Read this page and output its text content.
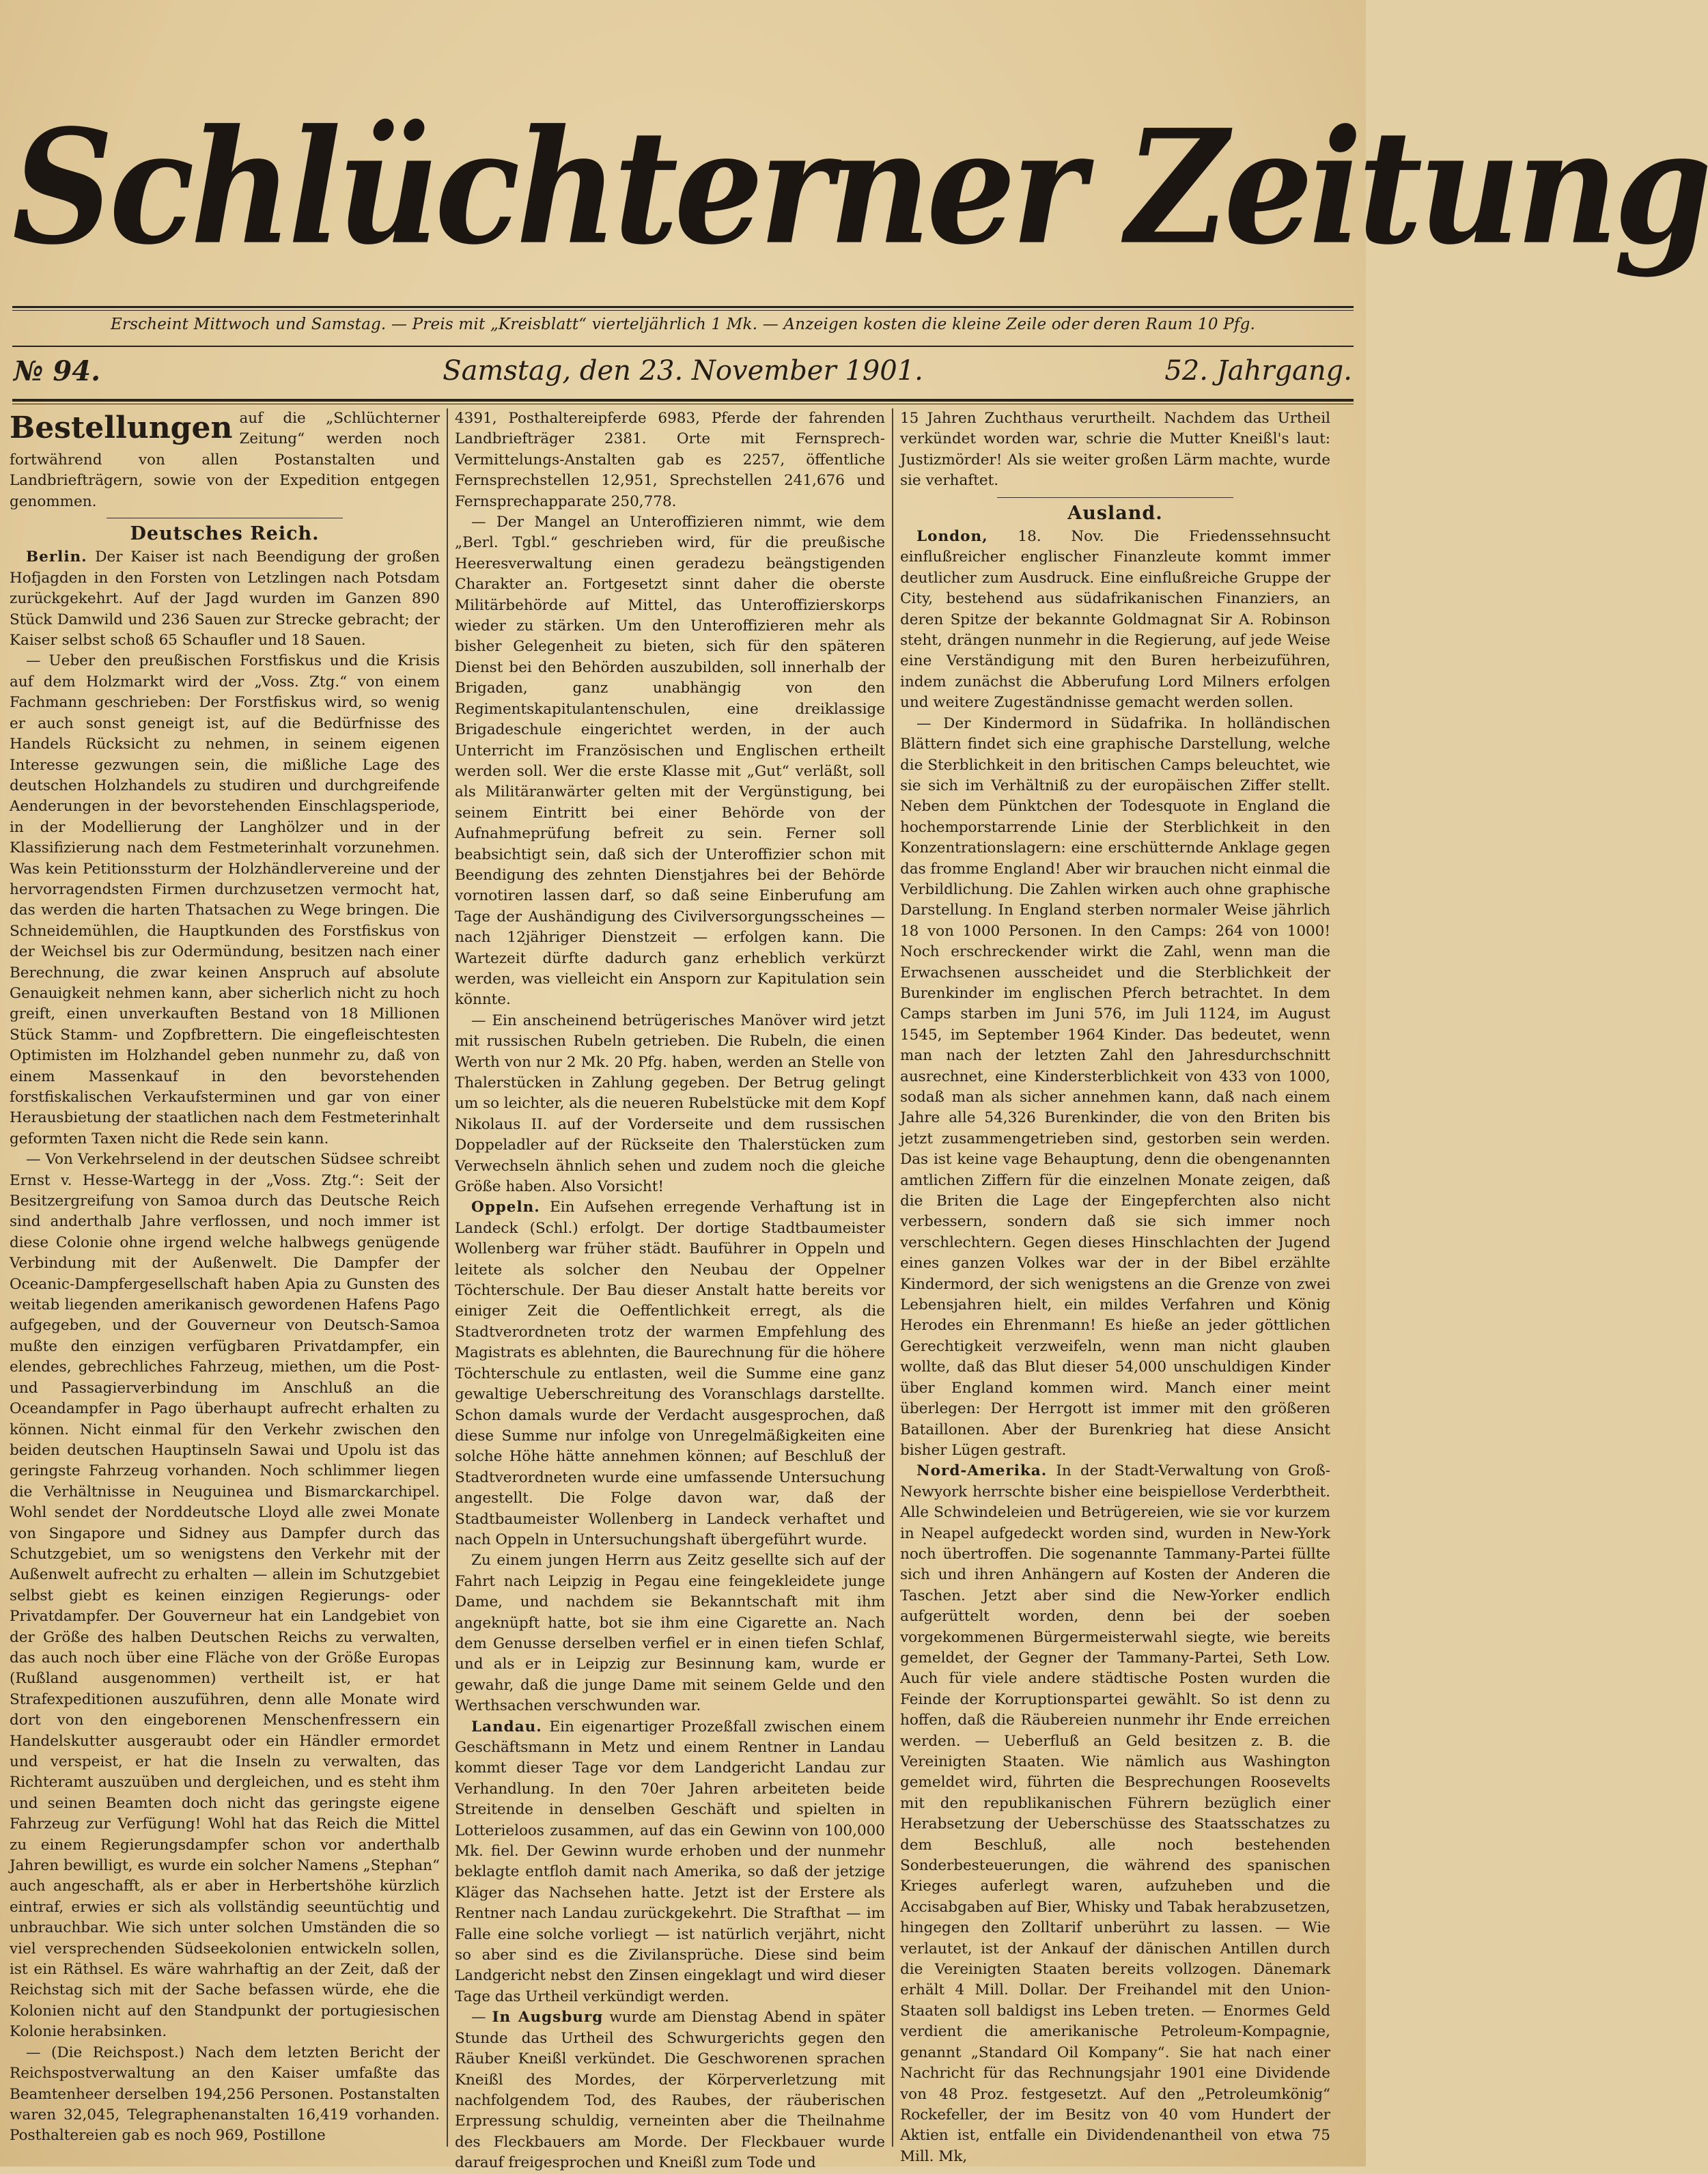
Schlüchterner Zeitung
Erscheint Mittwoch und Samstag. — Preis mit „Kreisblatt“ vierteljährlich 1 Mk. — Anzeigen kosten die kleine Zeile oder deren Raum 10 Pfg.
№ 94.	Samstag, den 23. November 1901.	52. Jahrgang.
Bestellungen auf die „Schlüchterner Zeitung“ werden noch fortwährend von allen Postanstalten und Landbriefträgern, sowie von der Expedition entgegen genommen.

Deutsches Reich.

Berlin. Der Kaiser ist nach Beendigung der großen Hofjagden in den Forsten von Letzlingen nach Potsdam zurückgekehrt. Auf der Jagd wurden im Ganzen 890 Stück Damwild und 236 Sauen zur Strecke gebracht; der Kaiser selbst schoß 65 Schaufler und 18 Sauen.

— Ueber den preußischen Forstfiskus und die Krisis auf dem Holzmarkt wird der „Voss. Ztg.“ von einem Fachmann geschrieben: Der Forstfiskus wird, so wenig er auch sonst geneigt ist, auf die Bedürfnisse des Handels Rücksicht zu nehmen, in seinem eigenen Interesse gezwungen sein, die mißliche Lage des deutschen Holzhandels zu studiren und durchgreifende Aenderungen in der bevorstehenden Einschlagsperiode, in der Modellierung der Langhölzer und in der Klassifizierung nach dem Festmeterinhalt vorzunehmen. Was kein Petitionssturm der Holzhändlervereine und der hervorragendsten Firmen durchzusetzen vermocht hat, das werden die harten Thatsachen zu Wege bringen. Die Schneidemühlen, die Hauptkunden des Forstfiskus von der Weichsel bis zur Odermündung, besitzen nach einer Berechnung, die zwar keinen Anspruch auf absolute Genauigkeit nehmen kann, aber sicherlich nicht zu hoch greift, einen unverkauften Bestand von 18 Millionen Stück Stamm- und Zopfbrettern. Die eingefleischtesten Optimisten im Holzhandel geben nunmehr zu, daß von einem Massenkauf in den bevorstehenden forstfiskalischen Verkaufsterminen und gar von einer Herausbietung der staatlichen nach dem Festmeterinhalt geformten Taxen nicht die Rede sein kann.

— Von Verkehrselend in der deutschen Südsee schreibt Ernst v. Hesse-Wartegg in der „Voss. Ztg.“: Seit der Besitzergreifung von Samoa durch das Deutsche Reich sind anderthalb Jahre verflossen, und noch immer ist diese Colonie ohne irgend welche halbwegs genügende Verbindung mit der Außenwelt. Die Dampfer der Oceanic-Dampfergesellschaft haben Apia zu Gunsten des weitab liegenden amerikanisch gewordenen Hafens Pago aufgegeben, und der Gouverneur von Deutsch-Samoa mußte den einzigen verfügbaren Privatdampfer, ein elendes, gebrechliches Fahrzeug, miethen, um die Post- und Passagierverbindung im Anschluß an die Oceandampfer in Pago überhaupt aufrecht erhalten zu können. Nicht einmal für den Verkehr zwischen den beiden deutschen Hauptinseln Sawai und Upolu ist das geringste Fahrzeug vorhanden. Noch schlimmer liegen die Verhältnisse in Neuguinea und Bismarckarchipel. Wohl sendet der Norddeutsche Lloyd alle zwei Monate von Singapore und Sidney aus Dampfer durch das Schutzgebiet, um so wenigstens den Verkehr mit der Außenwelt aufrecht zu erhalten — allein im Schutzgebiet selbst giebt es keinen einzigen Regierungs- oder Privatdampfer. Der Gouverneur hat ein Landgebiet von der Größe des halben Deutschen Reichs zu verwalten, das auch noch über eine Fläche von der Größe Europas (Rußland ausgenommen) vertheilt ist, er hat Strafexpeditionen auszuführen, denn alle Monate wird dort von den eingeborenen Menschenfressern ein Handelskutter ausgeraubt oder ein Händler ermordet und verspeist, er hat die Inseln zu verwalten, das Richteramt auszuüben und dergleichen, und es steht ihm und seinen Beamten doch nicht das geringste eigene Fahrzeug zur Verfügung! Wohl hat das Reich die Mittel zu einem Regierungsdampfer schon vor anderthalb Jahren bewilligt, es wurde ein solcher Namens „Stephan“ auch angeschafft, als er aber in Herbertshöhe kürzlich eintraf, erwies er sich als vollständig seeuntüchtig und unbrauchbar. Wie sich unter solchen Umständen die so viel versprechenden Südseekolonien entwickeln sollen, ist ein Räthsel. Es wäre wahrhaftig an der Zeit, daß der Reichstag sich mit der Sache befassen würde, ehe die Kolonien nicht auf den Standpunkt der portugiesischen Kolonie herabsinken.

— (Die Reichspost.) Nach dem letzten Bericht der Reichspostverwaltung an den Kaiser umfaßte das Beamtenheer derselben 194,256 Personen. Postanstalten waren 32,045, Telegraphenanstalten 16,419 vorhanden. Posthaltereien gab es noch 969, Postillone

4391, Posthaltereipferde 6983, Pferde der fahrenden Landbriefträger 2381. Orte mit Fernsprech-Vermittelungs-Anstalten gab es 2257, öffentliche Fernsprechstellen 12,951, Sprechstellen 241,676 und Fernsprechapparate 250,778.

— Der Mangel an Unteroffizieren nimmt, wie dem „Berl. Tgbl.“ geschrieben wird, für die preußische Heeresverwaltung einen geradezu beängstigenden Charakter an. Fortgesetzt sinnt daher die oberste Militärbehörde auf Mittel, das Unteroffizierskorps wieder zu stärken. Um den Unteroffizieren mehr als bisher Gelegenheit zu bieten, sich für den späteren Dienst bei den Behörden auszubilden, soll innerhalb der Brigaden, ganz unabhängig von den Regimentskapitulantenschulen, eine dreiklassige Brigadeschule eingerichtet werden, in der auch Unterricht im Französischen und Englischen ertheilt werden soll. Wer die erste Klasse mit „Gut“ verläßt, soll als Militäranwärter gelten mit der Vergünstigung, bei seinem Eintritt bei einer Behörde von der Aufnahmeprüfung befreit zu sein. Ferner soll beabsichtigt sein, daß sich der Unteroffizier schon mit Beendigung des zehnten Dienstjahres bei der Behörde vornotiren lassen darf, so daß seine Einberufung am Tage der Aushändigung des Civilversorgungsscheines — nach 12jähriger Dienstzeit — erfolgen kann. Die Wartezeit dürfte dadurch ganz erheblich verkürzt werden, was vielleicht ein Ansporn zur Kapitulation sein könnte.

— Ein anscheinend betrügerisches Manöver wird jetzt mit russischen Rubeln getrieben. Die Rubeln, die einen Werth von nur 2 Mk. 20 Pfg. haben, werden an Stelle von Thalerstücken in Zahlung gegeben. Der Betrug gelingt um so leichter, als die neueren Rubelstücke mit dem Kopf Nikolaus II. auf der Vorderseite und dem russischen Doppeladler auf der Rückseite den Thalerstücken zum Verwechseln ähnlich sehen und zudem noch die gleiche Größe haben. Also Vorsicht!

Oppeln. Ein Aufsehen erregende Verhaftung ist in Landeck (Schl.) erfolgt. Der dortige Stadtbaumeister Wollenberg war früher städt. Bauführer in Oppeln und leitete als solcher den Neubau der Oppelner Töchterschule. Der Bau dieser Anstalt hatte bereits vor einiger Zeit die Oeffentlichkeit erregt, als die Stadtverordneten trotz der warmen Empfehlung des Magistrats es ablehnten, die Baurechnung für die höhere Töchterschule zu entlasten, weil die Summe eine ganz gewaltige Ueberschreitung des Voranschlags darstellte. Schon damals wurde der Verdacht ausgesprochen, daß diese Summe nur infolge von Unregelmäßigkeiten eine solche Höhe hätte annehmen können; auf Beschluß der Stadtverordneten wurde eine umfassende Untersuchung angestellt. Die Folge davon war, daß der Stadtbaumeister Wollenberg in Landeck verhaftet und nach Oppeln in Untersuchungshaft übergeführt wurde.

Zu einem jungen Herrn aus Zeitz gesellte sich auf der Fahrt nach Leipzig in Pegau eine feingekleidete junge Dame, und nachdem sie Bekanntschaft mit ihm angeknüpft hatte, bot sie ihm eine Cigarette an. Nach dem Genusse derselben verfiel er in einen tiefen Schlaf, und als er in Leipzig zur Besinnung kam, wurde er gewahr, daß die junge Dame mit seinem Gelde und den Werthsachen verschwunden war.

Landau. Ein eigenartiger Prozeßfall zwischen einem Geschäftsmann in Metz und einem Rentner in Landau kommt dieser Tage vor dem Landgericht Landau zur Verhandlung. In den 70er Jahren arbeiteten beide Streitende in denselben Geschäft und spielten in Lotterieloos zusammen, auf das ein Gewinn von 100,000 Mk. fiel. Der Gewinn wurde erhoben und der nunmehr beklagte entfloh damit nach Amerika, so daß der jetzige Kläger das Nachsehen hatte. Jetzt ist der Erstere als Rentner nach Landau zurückgekehrt. Die Strafthat — im Falle eine solche vorliegt — ist natürlich verjährt, nicht so aber sind es die Zivilansprüche. Diese sind beim Landgericht nebst den Zinsen eingeklagt und wird dieser Tage das Urtheil verkündigt werden.

— In Augsburg wurde am Dienstag Abend in später Stunde das Urtheil des Schwurgerichts gegen den Räuber Kneißl verkündet. Die Geschworenen sprachen Kneißl des Mordes, der Körperverletzung mit nachfolgendem Tod, des Raubes, der räuberischen Erpressung schuldig, verneinten aber die Theilnahme des Fleckbauers am Morde. Der Fleckbauer wurde darauf freigesprochen und Kneißl zum Tode und

15 Jahren Zuchthaus verurtheilt. Nachdem das Urtheil verkündet worden war, schrie die Mutter Kneißl's laut: Justizmörder! Als sie weiter großen Lärm machte, wurde sie verhaftet.

Ausland.

London, 18. Nov. Die Friedenssehnsucht einflußreicher englischer Finanzleute kommt immer deutlicher zum Ausdruck. Eine einflußreiche Gruppe der City, bestehend aus südafrikanischen Finanziers, an deren Spitze der bekannte Goldmagnat Sir A. Robinson steht, drängen nunmehr in die Regierung, auf jede Weise eine Verständigung mit den Buren herbeizuführen, indem zunächst die Abberufung Lord Milners erfolgen und weitere Zugeständnisse gemacht werden sollen.

— Der Kindermord in Südafrika. In holländischen Blättern findet sich eine graphische Darstellung, welche die Sterblichkeit in den britischen Camps beleuchtet, wie sie sich im Verhältniß zu der europäischen Ziffer stellt. Neben dem Pünktchen der Todesquote in England die hochemporstarrende Linie der Sterblichkeit in den Konzentrationslagern: eine erschütternde Anklage gegen das fromme England! Aber wir brauchen nicht einmal die Verbildlichung. Die Zahlen wirken auch ohne graphische Darstellung. In England sterben normaler Weise jährlich 18 von 1000 Personen. In den Camps: 264 von 1000! Noch erschreckender wirkt die Zahl, wenn man die Erwachsenen ausscheidet und die Sterblichkeit der Burenkinder im englischen Pferch betrachtet. In dem Camps starben im Juni 576, im Juli 1124, im August 1545, im September 1964 Kinder. Das bedeutet, wenn man nach der letzten Zahl den Jahresdurchschnitt ausrechnet, eine Kindersterblichkeit von 433 von 1000, sodaß man als sicher annehmen kann, daß nach einem Jahre alle 54,326 Burenkinder, die von den Briten bis jetzt zusammengetrieben sind, gestorben sein werden. Das ist keine vage Behauptung, denn die obengenannten amtlichen Ziffern für die einzelnen Monate zeigen, daß die Briten die Lage der Eingepferchten also nicht verbessern, sondern daß sie sich immer noch verschlechtern. Gegen dieses Hinschlachten der Jugend eines ganzen Volkes war der in der Bibel erzählte Kindermord, der sich wenigstens an die Grenze von zwei Lebensjahren hielt, ein mildes Verfahren und König Herodes ein Ehrenmann! Es hieße an jeder göttlichen Gerechtigkeit verzweifeln, wenn man nicht glauben wollte, daß das Blut dieser 54,000 unschuldigen Kinder über England kommen wird. Manch einer meint überlegen: Der Herrgott ist immer mit den größeren Bataillonen. Aber der Burenkrieg hat diese Ansicht bisher Lügen gestraft.

Nord-Amerika. In der Stadt-Verwaltung von Groß-Newyork herrschte bisher eine beispiellose Verderbtheit. Alle Schwindeleien und Betrügereien, wie sie vor kurzem in Neapel aufgedeckt worden sind, wurden in New-York noch übertroffen. Die sogenannte Tammany-Partei füllte sich und ihren Anhängern auf Kosten der Anderen die Taschen. Jetzt aber sind die New-Yorker endlich aufgerüttelt worden, denn bei der soeben vorgekommenen Bürgermeisterwahl siegte, wie bereits gemeldet, der Gegner der Tammany-Partei, Seth Low. Auch für viele andere städtische Posten wurden die Feinde der Korruptionspartei gewählt. So ist denn zu hoffen, daß die Räubereien nunmehr ihr Ende erreichen werden. — Ueberfluß an Geld besitzen z. B. die Vereinigten Staaten. Wie nämlich aus Washington gemeldet wird, führten die Besprechungen Roosevelts mit den republikanischen Führern bezüglich einer Herabsetzung der Ueberschüsse des Staatsschatzes zu dem Beschluß, alle noch bestehenden Sonderbesteuerungen, die während des spanischen Krieges auferlegt waren, aufzuheben und die Accisabgaben auf Bier, Whisky und Tabak herabzusetzen, hingegen den Zolltarif unberührt zu lassen. — Wie verlautet, ist der Ankauf der dänischen Antillen durch die Vereinigten Staaten bereits vollzogen. Dänemark erhält 4 Mill. Dollar. Der Freihandel mit den Union-Staaten soll baldigst ins Leben treten. — Enormes Geld verdient die amerikanische Petroleum-Kompagnie, genannt „Standard Oil Kompany“. Sie hat nach einer Nachricht für das Rechnungsjahr 1901 eine Dividende von 48 Proz. festgesetzt. Auf den „Petroleumkönig“ Rockefeller, der im Besitz von 40 vom Hundert der Aktien ist, entfalle ein Dividendenantheil von etwa 75 Mill. Mk,
